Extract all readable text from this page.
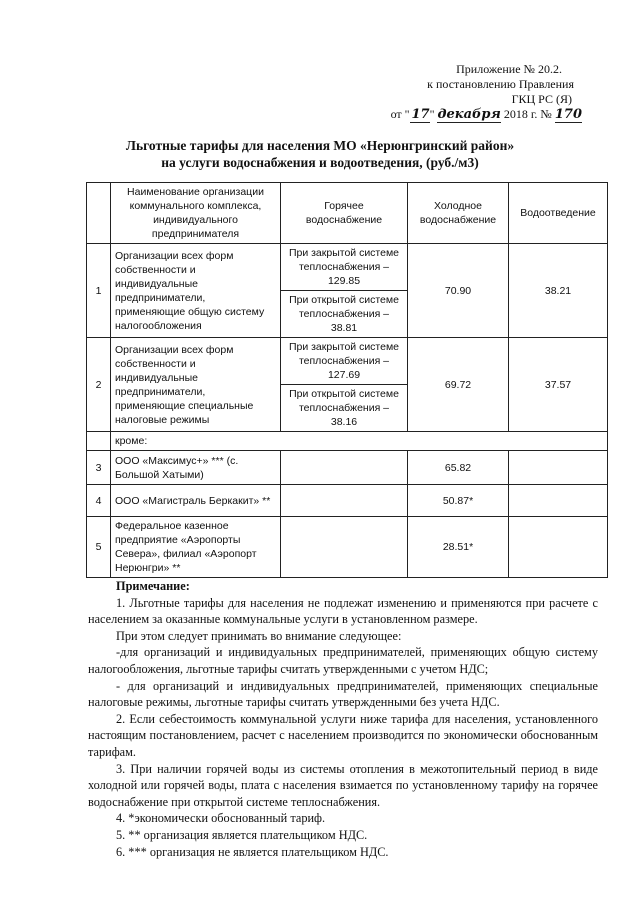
Приложение № 20.2.
к постановлению Правления
ГКЦ РС (Я)
от " 17" декабря 2018 г. № 170
Льготные тарифы для населения МО «Нерюнгринский район»
на услуги водоснабжения и водоотведения, (руб./м3)
	Наименование организации коммунального комплекса, индивидуального предпринимателя	Горячее водоснабжение	Холодное водоснабжение	Водоотведение
1	Организации всех форм собственности и индивидуальные предприниматели, применяющие общую систему налогообложения	При закрытой системе теплоснабжения – 129.85	70.90	38.21
		При открытой системе теплоснабжения – 38.81		
2	Организации всех форм собственности и индивидуальные предприниматели, применяющие специальные налоговые режимы	При закрытой системе теплоснабжения – 127.69	69.72	37.57
		При открытой системе теплоснабжения – 38.16		
	кроме:			
3	ООО «Максимус+» *** (с. Большой Хатыми)		65.82	
4	ООО «Магистраль Беркакит» **		50.87*	
5	Федеральное казенное предприятие «Аэропорты Севера», филиал «Аэропорт Нерюнгри» **		28.51*	

Примечание:

1. Льготные тарифы для населения не подлежат изменению и применяются при расчете с населением за оказанные коммунальные услуги в установленном размере.

При этом следует принимать во внимание следующее:

-для организаций и индивидуальных предпринимателей, применяющих общую систему налогообложения, льготные тарифы считать утвержденными с учетом НДС;

- для организаций и индивидуальных предпринимателей, применяющих специальные налоговые режимы, льготные тарифы считать утвержденными без учета НДС.

2. Если себестоимость коммунальной услуги ниже тарифа для населения, установленного настоящим постановлением, расчет с населением производится по экономически обоснованным тарифам.

3. При наличии горячей воды из системы отопления в межотопительный период в виде холодной или горячей воды, плата с населения взимается по установленному тарифу на горячее водоснабжение при открытой системе теплоснабжения.

4. *экономически обоснованный тариф.

5. ** организация является плательщиком НДС.

6. *** организация не является плательщиком НДС.
